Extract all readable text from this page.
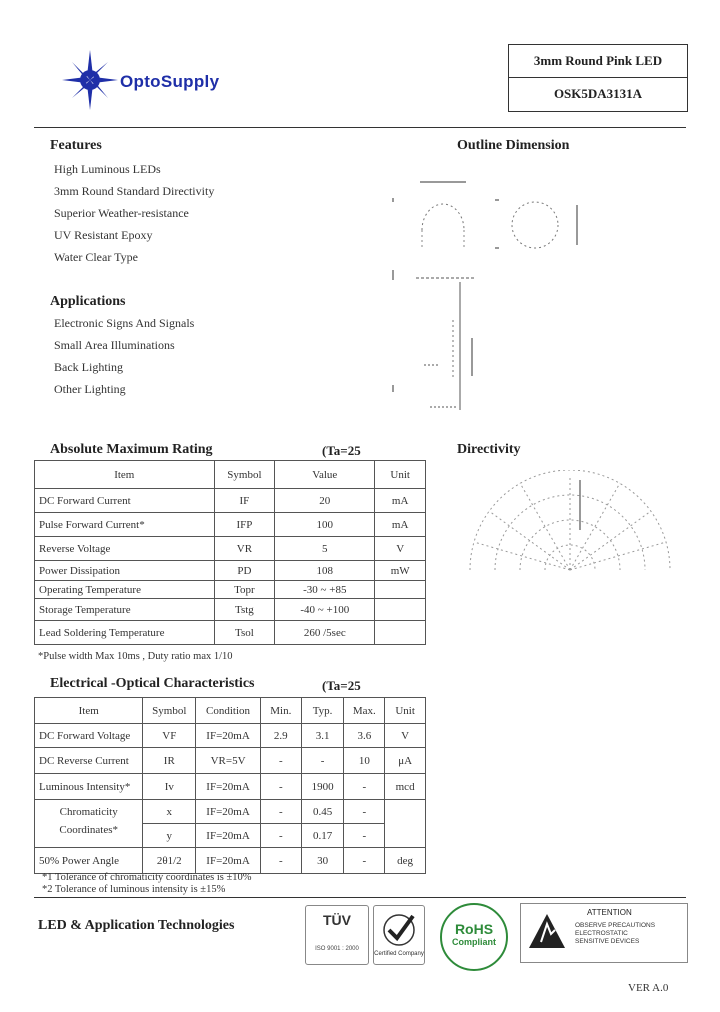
OptoSupply
3mm Round Pink LED
OSK5DA3131A
Features
High Luminous LEDs
3mm Round Standard Directivity
Superior Weather-resistance
UV Resistant Epoxy
Water Clear Type
Applications
Electronic Signs And Signals
Small Area Illuminations
Back Lighting
Other Lighting
Outline Dimension
Absolute Maximum Rating	(Ta=25
Item	Symbol	Value	Unit
DC Forward Current	IF	20	mA
Pulse Forward Current*	IFP	100	mA
Reverse Voltage	VR	5	V
Power Dissipation	PD	108	mW
Operating Temperature	Topr	-30 ~ +85	
Storage Temperature	Tstg	-40 ~ +100	
Lead Soldering Temperature	Tsol	260 /5sec	
*Pulse width Max 10ms , Duty ratio max 1/10
Directivity
Electrical -Optical Characteristics	(Ta=25
Item	Symbol	Condition	Min.	Typ.	Max.	Unit
DC Forward Voltage	VF	IF=20mA	2.9	3.1	3.6	V
DC Reverse Current	IR	VR=5V	-	-	10	μA
Luminous Intensity*	Iv	IF=20mA	-	1900	-	mcd
Chromaticity	x	IF=20mA	-	0.45	-	
Coordinates*	y	IF=20mA	-	0.17	-	
50% Power Angle	2θ1/2	IF=20mA	-	30	-	deg
*1 Tolerance of chromaticity coordinates is ±10%
*2 Tolerance of luminous intensity is ±15%
LED & Application Technologies	TÜV
ISO 9001 : 2000
Certified Company
RoHS
Compliant
ATTENTION
OBSERVE PRECAUTIONS
ELECTROSTATIC
SENSITIVE DEVICES
VER A.0
